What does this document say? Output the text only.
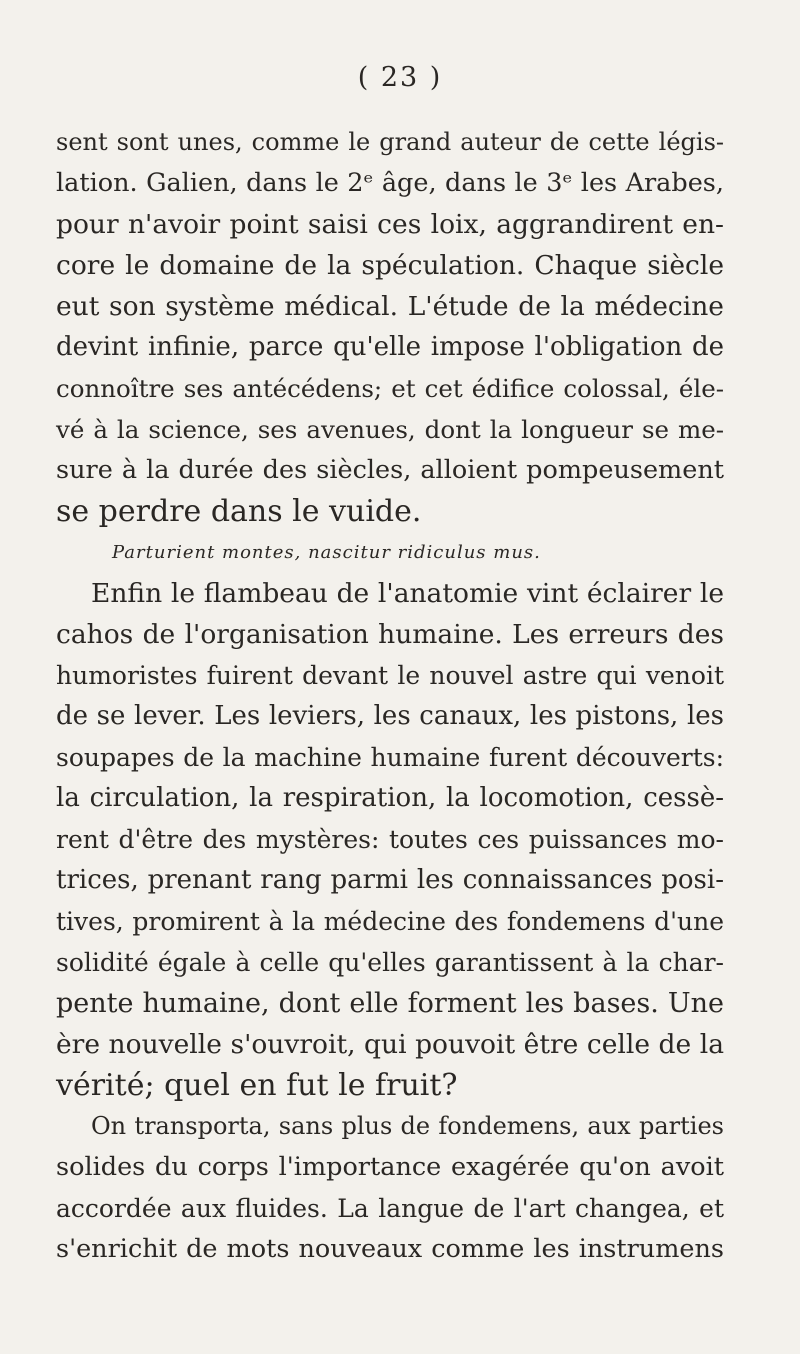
( 23 )
sent sont unes, comme le grand auteur de cette légis-
lation. Galien, dans le 2ᵉ âge, dans le 3ᵉ les Arabes,
pour n'avoir point saisi ces loix, aggrandirent en-
core le domaine de la spéculation. Chaque siècle
eut son système médical. L'étude de la médecine
devint infinie, parce qu'elle impose l'obligation de
connoître ses antécédens; et cet édifice colossal, éle-
vé à la science, ses avenues, dont la longueur se me-
sure à la durée des siècles, alloient pompeusement
se perdre dans le vuide.
Parturient montes, nascitur ridiculus mus.
Enfin le flambeau de l'anatomie vint éclairer le
cahos de l'organisation humaine. Les erreurs des
humoristes fuirent devant le nouvel astre qui venoit
de se lever. Les leviers, les canaux, les pistons, les
soupapes de la machine humaine furent découverts:
la circulation, la respiration, la locomotion, cessè-
rent d'être des mystères: toutes ces puissances mo-
trices, prenant rang parmi les connaissances posi-
tives, promirent à la médecine des fondemens d'une
solidité égale à celle qu'elles garantissent à la char-
pente humaine, dont elle forment les bases. Une
ère nouvelle s'ouvroit, qui pouvoit être celle de la
vérité; quel en fut le fruit?
On transporta, sans plus de fondemens, aux parties
solides du corps l'importance exagérée qu'on avoit
accordée aux fluides. La langue de l'art changea, et
s'enrichit de mots nouveaux comme les instrumens
